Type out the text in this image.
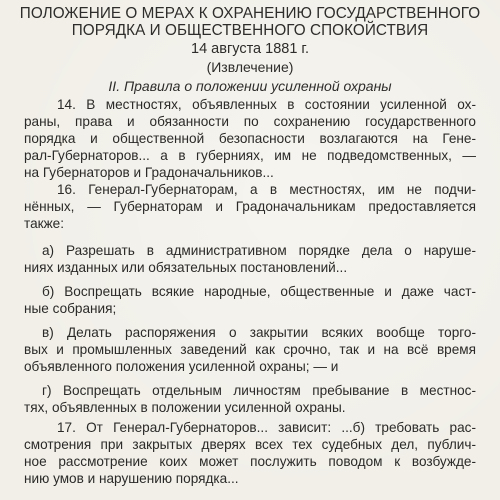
ПОЛОЖЕНИЕ О МЕРАХ К ОХРАНЕНИЮ ГОСУДАРСТВЕННОГО
ПОРЯДКА И ОБЩЕСТВЕННОГО СПОКОЙСТВИЯ
14 августа 1881 г.
(Извлечение)
II. Правила о положении усиленной охраны
14. В местностях, объявленных в состоянии усиленной ох-
раны, права и обязанности по сохранению государственного
порядка и общественной безопасности возлагаются на Гене-
рал-Губернаторов... а в губерниях, им не подведомственных, —
на Губернаторов и Градоначальников...
16. Генерал-Губернаторам, а в местностях, им не подчи-
нённых, — Губернаторам и Градоначальникам предоставляется
также:
а) Разрешать в административном порядке дела о наруше-
ниях изданных или обязательных постановлений...
б) Воспрещать всякие народные, общественные и даже част-
ные собрания;
в) Делать распоряжения о закрытии всяких вообще торго-
вых и промышленных заведений как срочно, так и на всё время
объявленного положения усиленной охраны; — и
г) Воспрещать отдельным личностям пребывание в местнос-
тях, объявленных в положении усиленной охраны.
17. От Генерал-Губернаторов... зависит: ...б) требовать рас-
смотрения при закрытых дверях всех тех судебных дел, публич-
ное рассмотрение коих может послужить поводом к возбужде-
нию умов и нарушению порядка...
